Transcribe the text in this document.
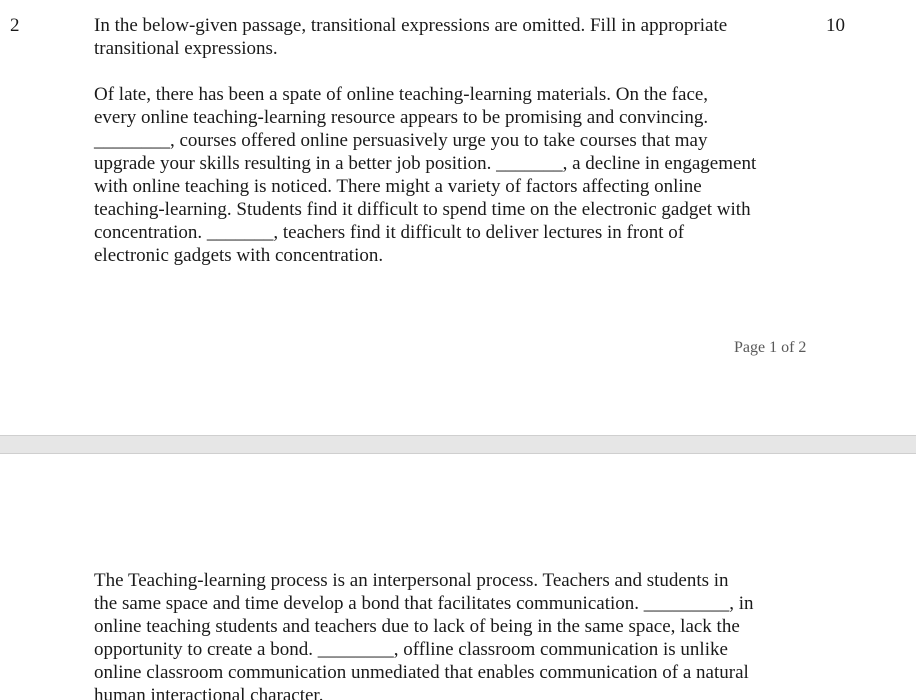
2	In the below-given passage, transitional expressions are omitted. Fill in appropriate transitional expressions.

10

Of late, there has been a spate of online teaching-learning materials. On the face,
every online teaching-learning resource appears to be promising and convincing.
________, courses offered online persuasively urge you to take courses that may
upgrade your skills resulting in a better job position. _______, a decline in engagement
with online teaching is noticed. There might a variety of factors affecting online
teaching-learning. Students find it difficult to spend time on the electronic gadget with
concentration. _______, teachers find it difficult to deliver lectures in front of
electronic gadgets with concentration.

Page 1 of 2

The Teaching-learning process is an interpersonal process. Teachers and students in
the same space and time develop a bond that facilitates communication. _________, in
online teaching students and teachers due to lack of being in the same space, lack the
opportunity to create a bond. ________, offline classroom communication is unlike
online classroom communication unmediated that enables communication of a natural
human interactional character.
